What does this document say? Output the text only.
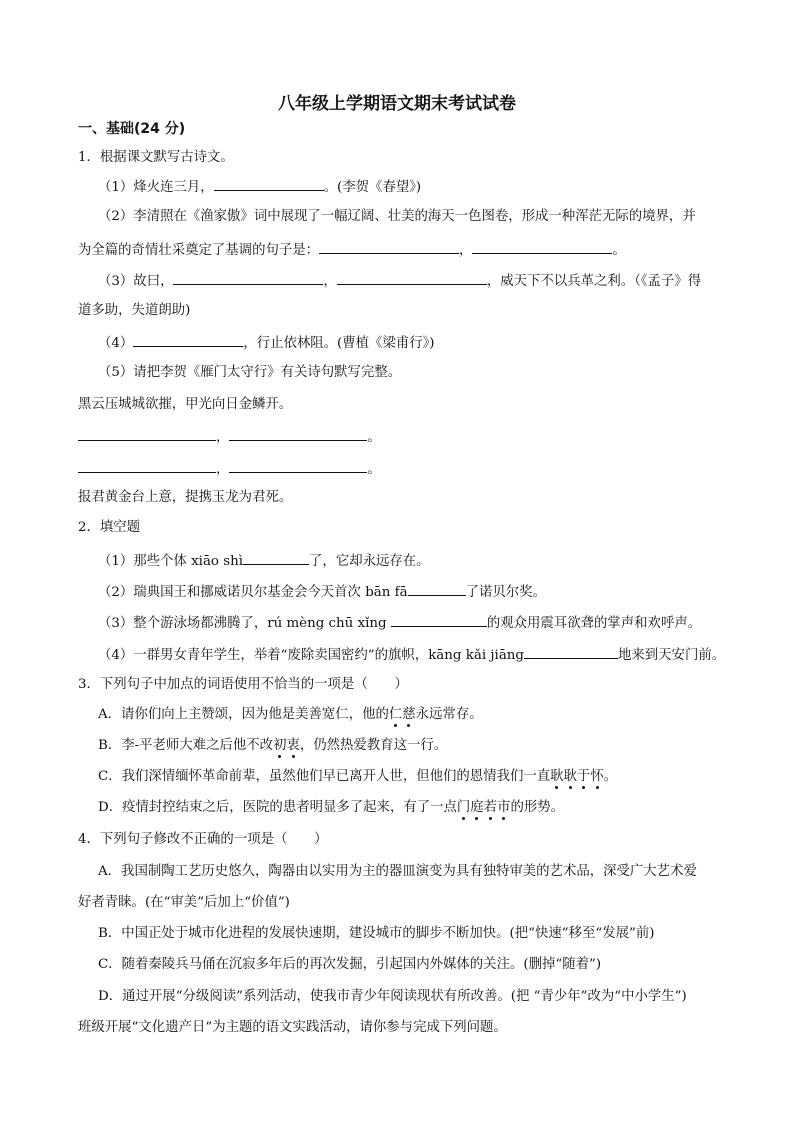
八年级上学期语文期末考试试卷
一、基础(24 分)
1．根据课文默写古诗文。
（1）烽火连三月，	。(李贺《春望》)
（2）李清照在《渔家傲》词中展现了一幅辽阔、壮美的海天一色图卷，形成一种浑茫无际的境界，并
为全篇的奇情壮采奠定了基调的句子是：	，	。
（3）故曰，	，	，威天下不以兵革之利。（《孟子》得
道多助，失道朗助)
（4）	，行止依林阻。(曹植《梁甫行》)
（5）请把李贺《雁门太守行》有关诗句默写完整。
黑云压城城欲摧，甲光向日金鳞开。
，	。
，	。
报君黄金台上意，提携玉龙为君死。
2．填空题
（1）那些个体 xiāo shì	了，它却永远存在。
（2）瑞典国王和挪威诺贝尔基金会今天首次 bān fā	了诺贝尔奖。
（3）整个游泳场都沸腾了，rú mèng chū xǐng	的观众用震耳欲聋的掌声和欢呼声。
（4）一群男女青年学生，举着“废除卖国密约”的旗帜，kāng kǎi jiāng	地来到天安门前。
3．下列句子中加点的词语使用不恰当的一项是（　　）
A．请你们向上主赞颂，因为他是美善宽仁，他的仁慈永远常存。
B．李-平老师大难之后他不改初衷，仍然热爱教育这一行。
C．我们深情缅怀革命前辈，虽然他们早已离开人世，但他们的恩情我们一直耿耿于怀。
D．疫情封控结束之后，医院的患者明显多了起来，有了一点门庭若市的形势。
4．下列句子修改不正确的一项是（　　）
A．我国制陶工艺历史悠久，陶器由以实用为主的器皿演变为具有独特审美的艺术品，深受广大艺术爱
好者青睐。(在“审美”后加上“价值”)
B．中国正处于城市化进程的发展快速期，建设城市的脚步不断加快。(把“快速”移至“发展”前)
C．随着秦陵兵马俑在沉寂多年后的再次发掘，引起国内外媒体的关注。(删掉“随着”)
D．通过开展“分级阅读”系列活动，使我市青少年阅读现状有所改善。(把 “青少年”改为“中小学生”)
班级开展“文化遗产日”为主题的语文实践活动，请你参与完成下列问题。
